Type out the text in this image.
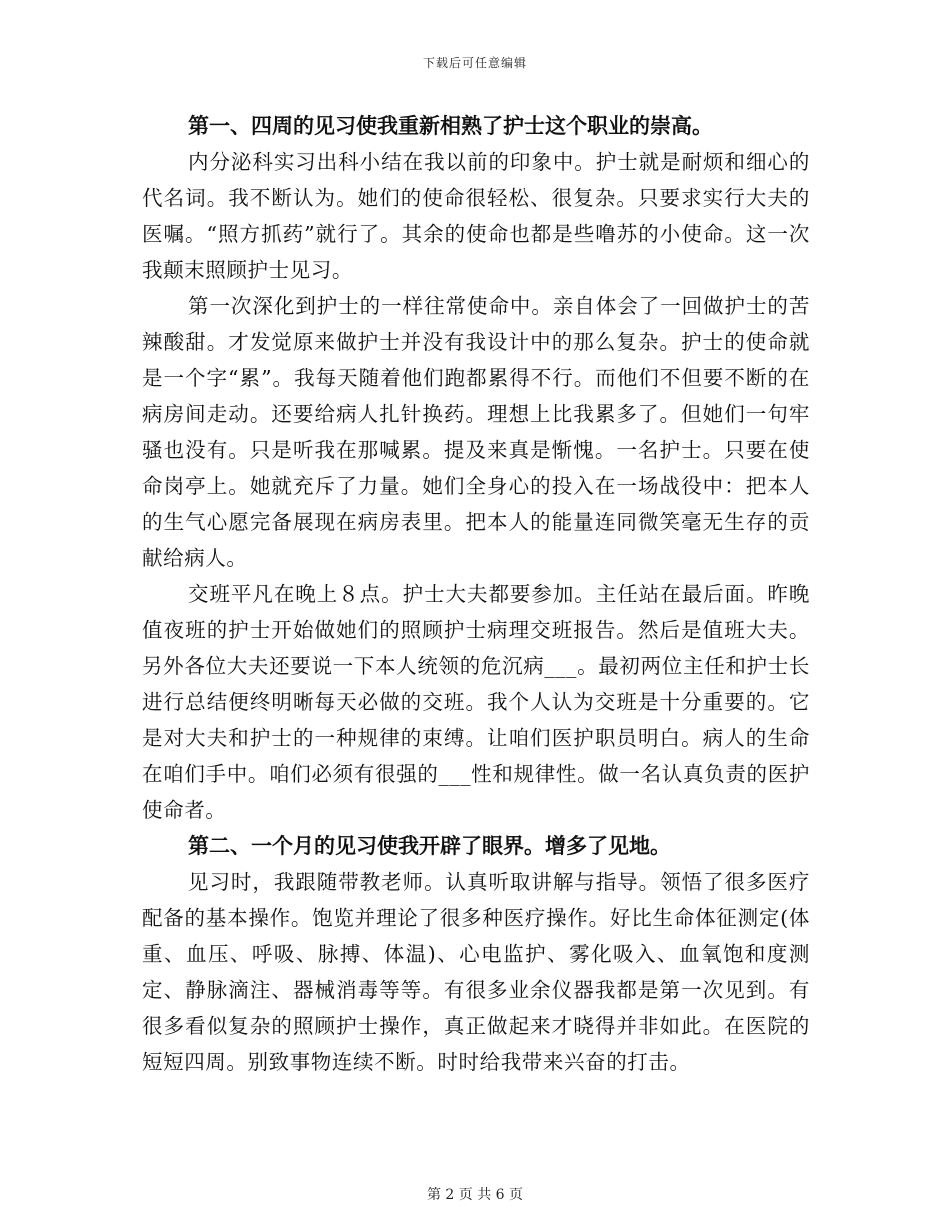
下载后可任意编辑

第一、四周的见习使我重新相熟了护士这个职业的崇高。

内分泌科实习出科小结在我以前的印象中。护士就是耐烦和细心的代名词。我不断认为。她们的使命很轻松、很复杂。只要求实行大夫的医嘱。“照方抓药”就行了。其余的使命也都是些噜苏的小使命。这一次我颠末照顾护士见习。

第一次深化到护士的一样往常使命中。亲自体会了一回做护士的苦辣酸甜。才发觉原来做护士并没有我设计中的那么复杂。护士的使命就是一个字“累”。我每天随着他们跑都累得不行。而他们不但要不断的在病房间走动。还要给病人扎针换药。理想上比我累多了。但她们一句牢骚也没有。只是听我在那喊累。提及来真是惭愧。一名护士。只要在使命岗亭上。她就充斥了力量。她们全身心的投入在一场战役中：把本人的生气心愿完备展现在病房表里。把本人的能量连同微笑毫无生存的贡献给病人。

交班平凡在晚上８点。护士大夫都要参加。主任站在最后面。昨晚值夜班的护士开始做她们的照顾护士病理交班报告。然后是值班大夫。另外各位大夫还要说一下本人统领的危沉病___。最初两位主任和护士长进行总结便终明晰每天必做的交班。我个人认为交班是十分重要的。它是对大夫和护士的一种规律的束缚。让咱们医护职员明白。病人的生命在咱们手中。咱们必须有很强的___性和规律性。做一名认真负责的医护使命者。

第二、一个月的见习使我开辟了眼界。增多了见地。

见习时，我跟随带教老师。认真听取讲解与指导。领悟了很多医疗配备的基本操作。饱览并理论了很多种医疗操作。好比生命体征测定(体重、血压、呼吸、脉搏、体温)、心电监护、雾化吸入、血氧饱和度测定、静脉滴注、器械消毒等等。有很多业余仪器我都是第一次见到。有很多看似复杂的照顾护士操作，真正做起来才晓得并非如此。在医院的短短四周。别致事物连续不断。时时给我带来兴奋的打击。

第 2 页 共 6 页
